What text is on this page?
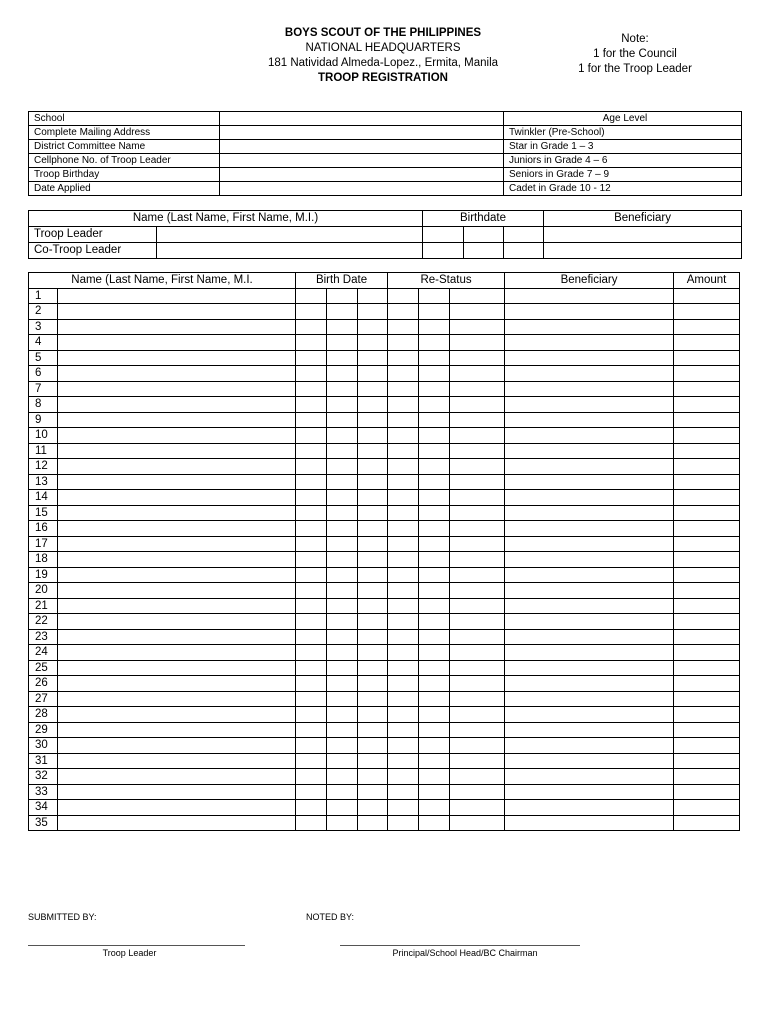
BOYS SCOUT OF THE PHILIPPINES
NATIONAL HEADQUARTERS
181 Natividad Almeda-Lopez., Ermita, Manila
TROOP REGISTRATION
Note:
1 for the Council
1 for the Troop Leader
School		Age Level
Complete Mailing Address		Twinkler (Pre-School)
District Committee Name		Star in Grade 1 – 3
Cellphone No. of Troop Leader		Juniors in Grade 4 – 6
Troop Birthday		Seniors in Grade 7 – 9
Date Applied		Cadet in Grade 10 - 12
Name (Last Name, First Name, M.I.)		Birthdate			Beneficiary
Troop Leader					
Co-Troop Leader					
Name (Last Name, First Name, M.I.		Birth Date			Re-Status			Beneficiary	Amount
1									
2									
3									
4									
5									
6									
7									
8									
9									
10									
11									
12									
13									
14									
15									
16									
17									
18									
19									
20									
21									
22									
23									
24									
25									
26									
27									
28									
29									
30									
31									
32									
33									
34									
35									
SUBMITTED BY:	NOTED BY:
Troop Leader	Principal/School Head/BC Chairman
